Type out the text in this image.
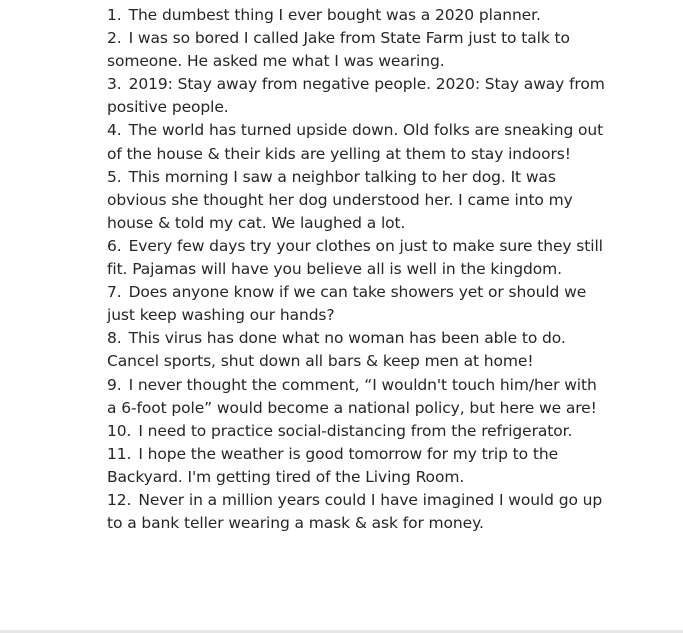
1. The dumbest thing I ever bought was a 2020 planner.

2. I was so bored I called Jake from State Farm just to talk to someone. He asked me what I was wearing.

3. 2019: Stay away from negative people. 2020: Stay away from positive people.

4. The world has turned upside down. Old folks are sneaking out of the house & their kids are yelling at them to stay indoors!

5. This morning I saw a neighbor talking to her dog. It was obvious she thought her dog understood her. I came into my house & told my cat. We laughed a lot.

6. Every few days try your clothes on just to make sure they still fit. Pajamas will have you believe all is well in the kingdom.

7. Does anyone know if we can take showers yet or should we just keep washing our hands?

8. This virus has done what no woman has been able to do. Cancel sports, shut down all bars & keep men at home!

9. I never thought the comment, “I wouldn't touch him/her with a 6-foot pole” would become a national policy, but here we are!

10. I need to practice social-distancing from the refrigerator.

11. I hope the weather is good tomorrow for my trip to the Backyard. I'm getting tired of the Living Room.

12. Never in a million years could I have imagined I would go up to a bank teller wearing a mask & ask for money.
